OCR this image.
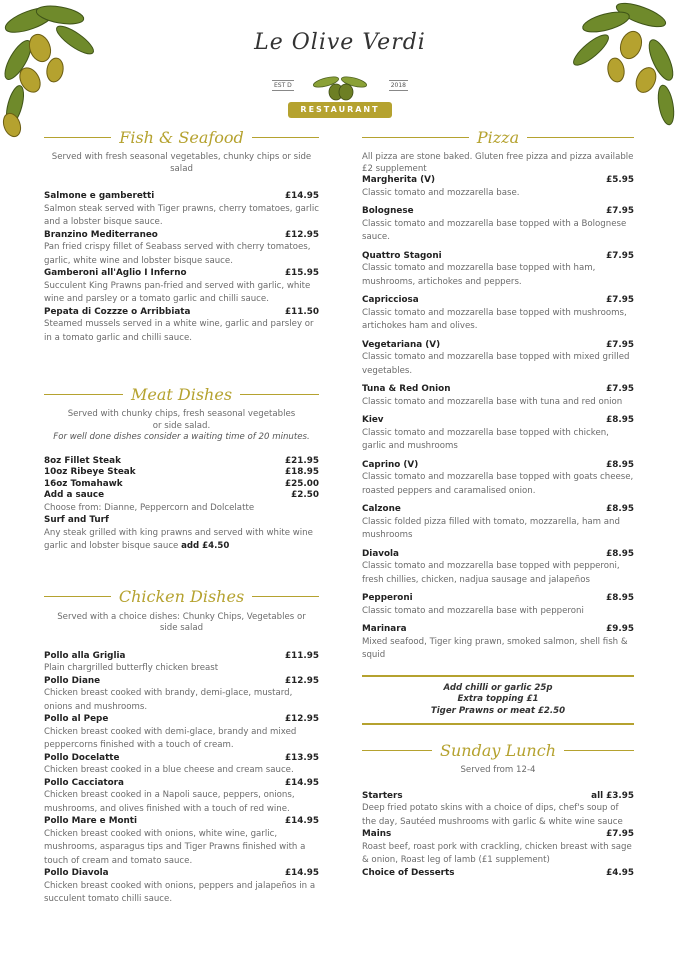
Le Olive Verdi
EST D	2018
RESTAURANT
Fish & Seafood
Served with fresh seasonal vegetables, chunky chips or side salad
Salmone e gamberetti	£14.95
Salmon steak served with Tiger prawns, cherry tomatoes, garlic and a lobster bisque sauce.
Branzino Mediterraneo	£12.95
Pan fried crispy fillet of Seabass served with cherry tomatoes, garlic, white wine and lobster bisque sauce.
Gamberoni all'Aglio I Inferno	£15.95
Succulent King Prawns pan-fried and served with garlic, white wine and parsley or a tomato garlic and chilli sauce.
Pepata di Cozzze o Arribbiata	£11.50
Steamed mussels served in a white wine, garlic and parsley or in a tomato garlic and chilli sauce.
Meat Dishes
Served with chunky chips, fresh seasonal vegetables or side salad.
For well done dishes consider a waiting time of 20 minutes.
8oz Fillet Steak	£21.95
10oz Ribeye Steak	£18.95
16oz Tomahawk	£25.00
Add a sauce	£2.50
Choose from: Dianne, Peppercorn and Dolcelatte
Surf and Turf
Any steak grilled with king prawns and served with white wine garlic and lobster bisque sauce add £4.50
Chicken Dishes
Served with a choice dishes: Chunky Chips, Vegetables or side salad
Pollo alla Griglia	£11.95
Plain chargrilled butterfly chicken breast
Pollo Diane	£12.95
Chicken breast cooked with brandy, demi-glace, mustard, onions and mushrooms.
Pollo al Pepe	£12.95
Chicken breast cooked with demi-glace, brandy and mixed peppercorns finished with a touch of cream.
Pollo Docelatte	£13.95
Chicken breast cooked in a blue cheese and cream sauce.
Pollo Cacciatora	£14.95
Chicken breast cooked in a Napoli sauce, peppers, onions, mushrooms, and olives finished with a touch of red wine.
Pollo Mare e Monti	£14.95
Chicken breast cooked with onions, white wine, garlic, mushrooms, asparagus tips and Tiger Prawns finished with a touch of cream and tomato sauce.
Pollo Diavola	£14.95
Chicken breast cooked with onions, peppers and jalapeños in a succulent tomato chilli sauce.
Pizza
All pizza are stone baked. Gluten free pizza and pizza available £2 supplement
Margherita (V)	£5.95
Classic tomato and mozzarella base.
Bolognese	£7.95
Classic tomato and mozzarella base topped with a Bolognese sauce.
Quattro Stagoni	£7.95
Classic tomato and mozzarella base topped with ham, mushrooms, artichokes and peppers.
Capricciosa	£7.95
Classic tomato and mozzarella base topped with mushrooms, artichokes ham and olives.
Vegetariana (V)	£7.95
Classic tomato and mozzarella base topped with mixed grilled vegetables.
Tuna & Red Onion	£7.95
Classic tomato and mozzarella base with tuna and red onion
Kiev	£8.95
Classic tomato and mozzarella base topped with chicken, garlic and mushrooms
Caprino (V)	£8.95
Classic tomato and mozzarella base topped with goats cheese, roasted peppers and caramalised onion.
Calzone	£8.95
Classic folded pizza filled with tomato, mozzarella, ham and mushrooms
Diavola	£8.95
Classic tomato and mozzarella base topped with pepperoni, fresh chillies, chicken, nadjua sausage and jalapeños
Pepperoni	£8.95
Classic tomato and mozzarella base with pepperoni
Marinara	£9.95
Mixed seafood, Tiger king prawn, smoked salmon, shell fish & squid
Add chilli or garlic 25p
Extra topping £1
Tiger Prawns or meat £2.50
Sunday Lunch
Served from 12-4
Starters	all £3.95
Deep fried potato skins with a choice of dips, chef's soup of the day, Sautéed mushrooms with garlic & white wine sauce
Mains	£7.95
Roast beef, roast pork with crackling, chicken breast with sage & onion, Roast leg of lamb (£1 supplement)
Choice of Desserts	£4.95
